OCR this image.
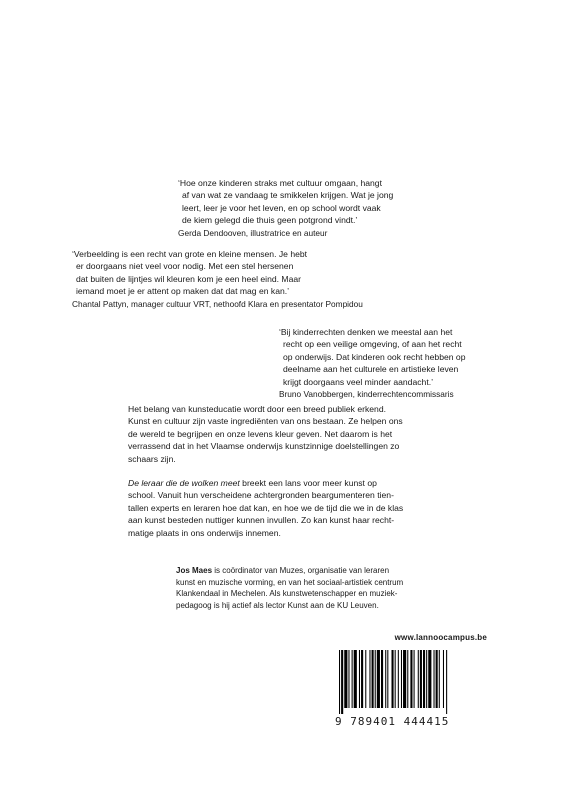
‘Hoe onze kinderen straks met cultuur omgaan, hangt
af van wat ze vandaag te smikkelen krijgen. Wat je jong
leert, leer je voor het leven, en op school wordt vaak
de kiem gelegd die thuis geen potgrond vindt.’
Gerda Dendooven, illustratrice en auteur
‘Verbeelding is een recht van grote en kleine mensen. Je hebt
er doorgaans niet veel voor nodig. Met een stel hersenen
dat buiten de lijntjes wil kleuren kom je een heel eind. Maar
iemand moet je er attent op maken dat dat mag en kan.’
Chantal Pattyn, manager cultuur VRT, nethoofd Klara en presentator Pompidou
‘Bij kinderrechten denken we meestal aan het
recht op een veilige omgeving, of aan het recht
op onderwijs. Dat kinderen ook recht hebben op
deelname aan het culturele en artistieke leven
krijgt doorgaans veel minder aandacht.’
Bruno Vanobbergen, kinderrechtencommissaris

Het belang van kunsteducatie wordt door een breed publiek erkend.
Kunst en cultuur zijn vaste ingrediënten van ons bestaan. Ze helpen ons
de wereld te begrijpen en onze levens kleur geven. Net daarom is het
verrassend dat in het Vlaamse onderwijs kunstzinnige doelstellingen zo
schaars zijn.

De leraar die de wolken meet breekt een lans voor meer kunst op
school. Vanuit hun verscheidene achtergronden beargumenteren tien-
tallen experts en leraren hoe dat kan, en hoe we de tijd die we in de klas
aan kunst besteden nuttiger kunnen invullen. Zo kan kunst haar recht-
matige plaats in ons onderwijs innemen.

Jos Maes is coördinator van Muzes, organisatie van leraren
kunst en muzische vorming, en van het sociaal-artistiek centrum
Klankendaal in Mechelen. Als kunstwetenschapper en muziek-
pedagoog is hij actief als lector Kunst aan de KU Leuven.
www.lannoocampus.be
9 789401 444415
